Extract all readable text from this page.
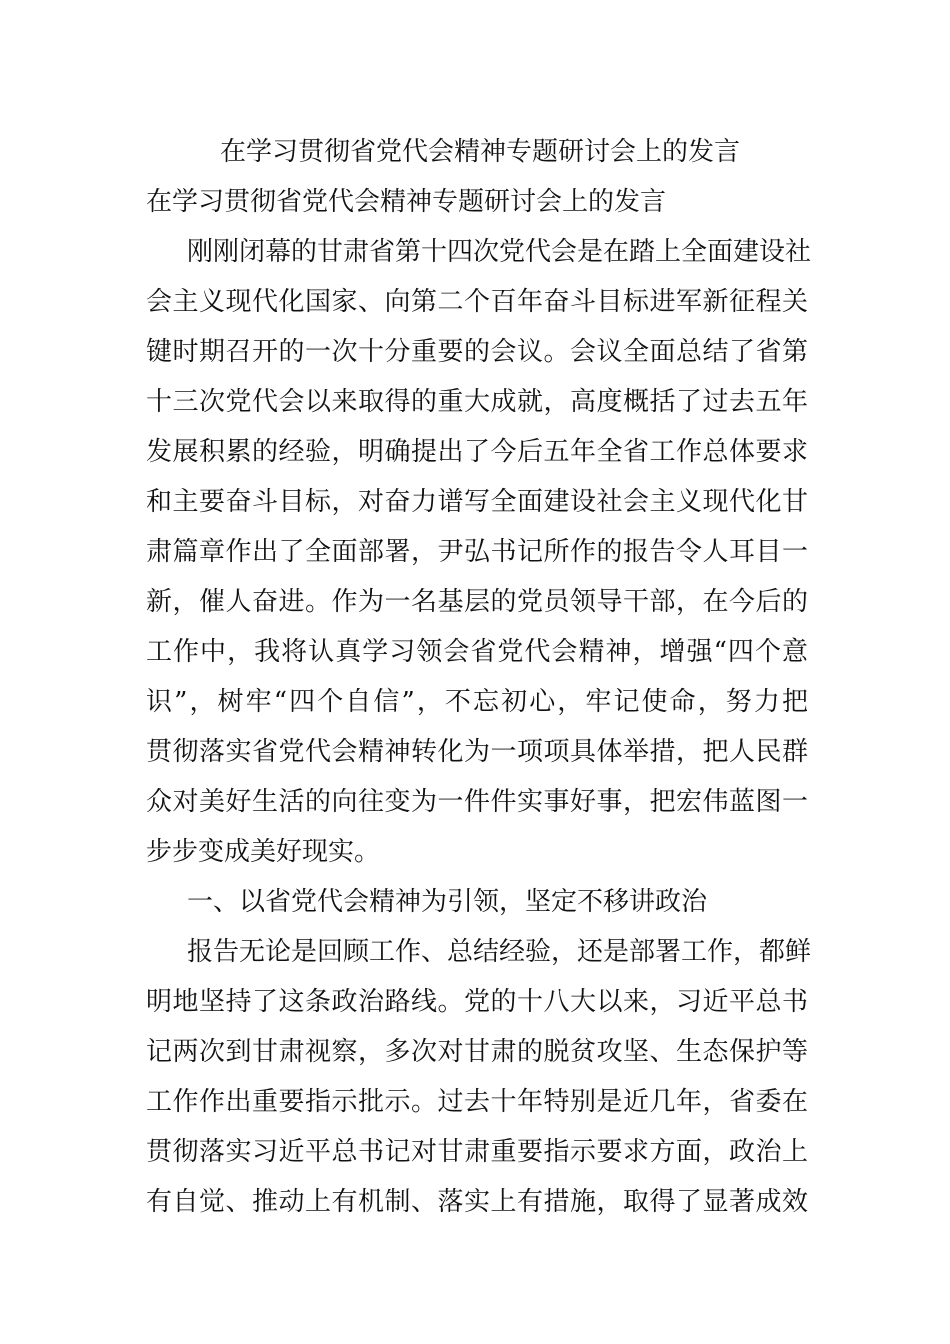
在学习贯彻省党代会精神专题研讨会上的发言
在学习贯彻省党代会精神专题研讨会上的发言

刚刚闭幕的甘肃省第十四次党代会是在踏上全面建设社

会主义现代化国家、向第二个百年奋斗目标进军新征程关

键时期召开的一次十分重要的会议。会议全面总结了省第

十三次党代会以来取得的重大成就，高度概括了过去五年

发展积累的经验，明确提出了今后五年全省工作总体要求

和主要奋斗目标，对奋力谱写全面建设社会主义现代化甘

肃篇章作出了全面部署，尹弘书记所作的报告令人耳目一

新，催人奋进。作为一名基层的党员领导干部，在今后的

工作中，我将认真学习领会省党代会精神，增强“四个意

识”，树牢“四个自信”，不忘初心，牢记使命，努力把

贯彻落实省党代会精神转化为一项项具体举措，把人民群

众对美好生活的向往变为一件件实事好事，把宏伟蓝图一

步步变成美好现实。

一、以省党代会精神为引领，坚定不移讲政治

报告无论是回顾工作、总结经验，还是部署工作，都鲜

明地坚持了这条政治路线。党的十八大以来，习近平总书

记两次到甘肃视察，多次对甘肃的脱贫攻坚、生态保护等

工作作出重要指示批示。过去十年特别是近几年，省委在

贯彻落实习近平总书记对甘肃重要指示要求方面，政治上

有自觉、推动上有机制、落实上有措施，取得了显著成效
